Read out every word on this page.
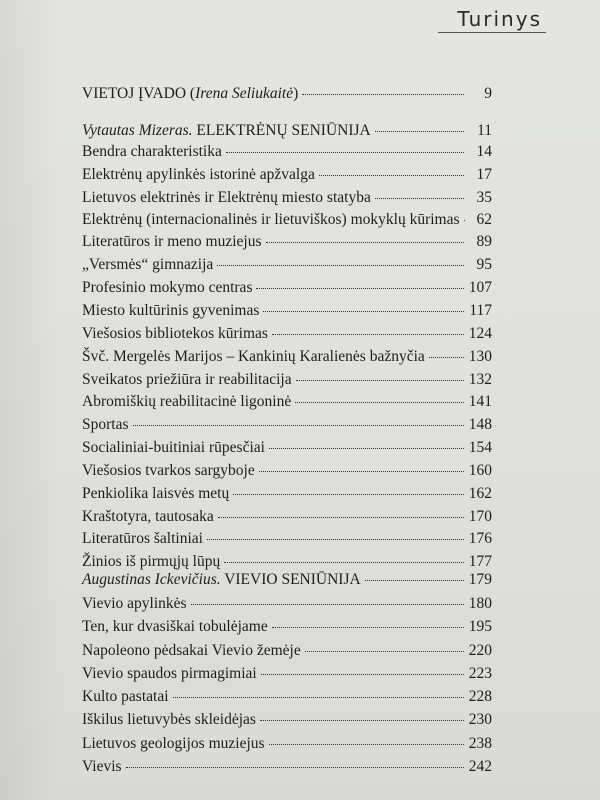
Turinys
VIETOJ ĮVADO (Irena Seliukaitė)	9
Vytautas Mizeras. ELEKTRĖNŲ SENIŪNIJA	11
Bendra charakteristika	14
Elektrėnų apylinkės istorinė apžvalga	17
Lietuvos elektrinės ir Elektrėnų miesto statyba	35
Elektrėnų (internacionalinės ir lietuviškos) mokyklų kūrimas	62
Literatūros ir meno muziejus	89
„Versmės“ gimnazija	95
Profesinio mokymo centras	107
Miesto kultūrinis gyvenimas	117
Viešosios bibliotekos kūrimas	124
Švč. Mergelės Marijos – Kankinių Karalienės bažnyčia	130
Sveikatos priežiūra ir reabilitacija	132
Abromiškių reabilitacinė ligoninė	141
Sportas	148
Socialiniai-buitiniai rūpesčiai	154
Viešosios tvarkos sargyboje	160
Penkiolika laisvės metų	162
Kraštotyra, tautosaka	170
Literatūros šaltiniai	176
Žinios iš pirmųjų lūpų	177
Augustinas Ickevičius. VIEVIO SENIŪNIJA	179
Vievio apylinkės	180
Ten, kur dvasiškai tobulėjame	195
Napoleono pėdsakai Vievio žemėje	220
Vievio spaudos pirmagimiai	223
Kulto pastatai	228
Iškilus lietuvybės skleidėjas	230
Lietuvos geologijos muziejus	238
Vievis	242
